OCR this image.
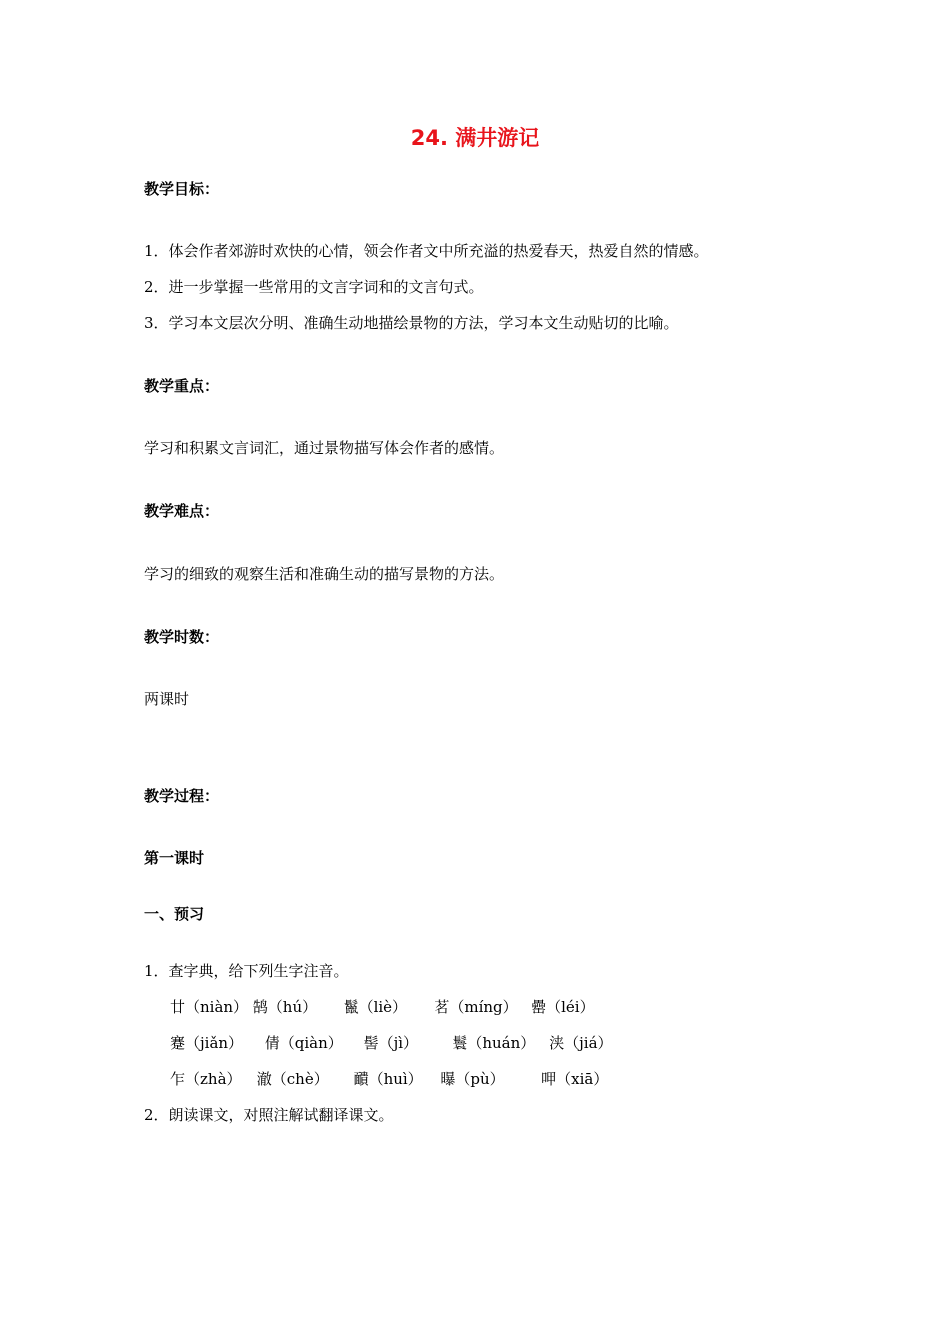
24. 满井游记
教学目标：
1．体会作者郊游时欢快的心情，领会作者文中所充溢的热爱春天，热爱自然的情感。
2．进一步掌握一些常用的文言字词和的文言句式。
3．学习本文层次分明、准确生动地描绘景物的方法，学习本文生动贴切的比喻。
教学重点：
学习和积累文言词汇，通过景物描写体会作者的感情。
教学难点：
学习的细致的观察生活和准确生动的描写景物的方法。
教学时数：
两课时
教学过程：
第一课时
一、预习
1．查字典，给下列生字注音。
廿（niàn） 鹄（hú） 鬣（liè） 茗（míng） 罍（léi）
蹇（jiǎn） 倩（qiàn） 髻（jì） 鬟（huán） 浃（jiá）
乍（zhà） 澈（chè） 靧（huì） 曝（pù） 呷（xiā）
2．朗读课文，对照注解试翻译课文。
